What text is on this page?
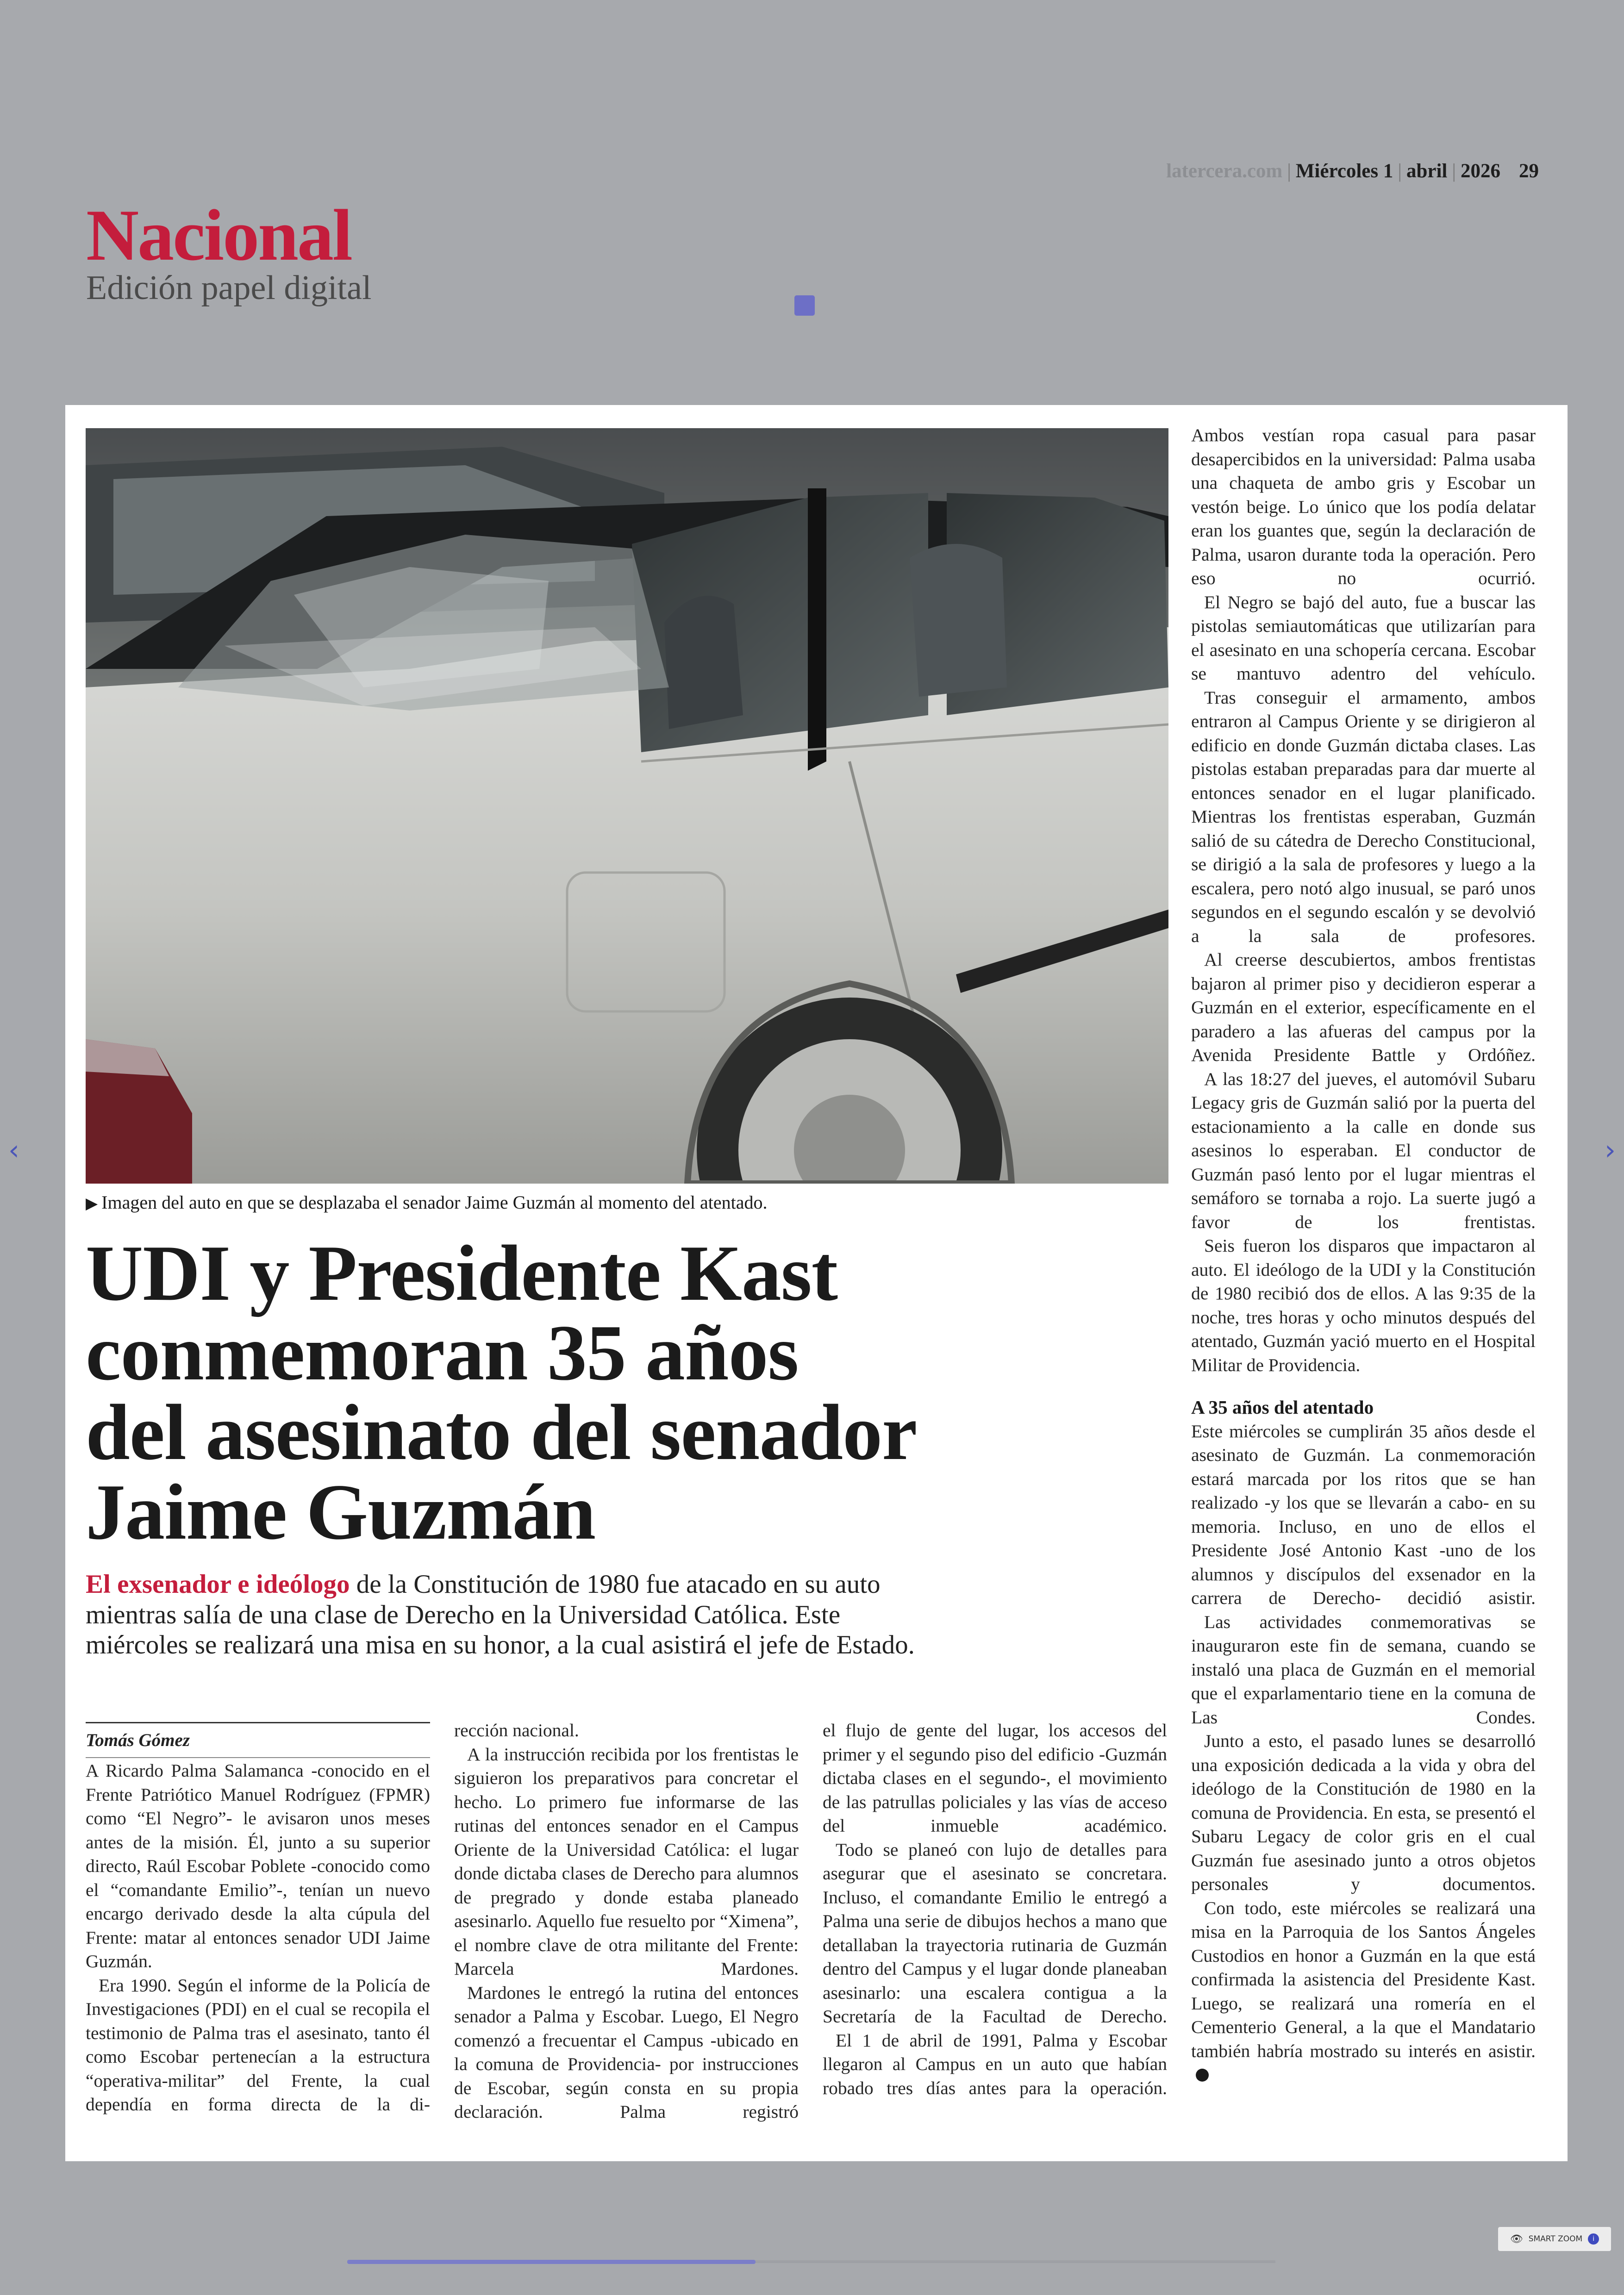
latercera.com | Miércoles 1 | abril | 2026 29
Nacional
Edición papel digital
▶ Imagen del auto en que se desplazaba el senador Jaime Guzmán al momento del atentado.
UDI y Presidente Kast
conmemoran 35 años
del asesinato del senador
Jaime Guzmán
El exsenador e ideólogo de la Constitución de 1980 fue atacado en su auto
mientras salía de una clase de Derecho en la Universidad Católica. Este
miércoles se realizará una misa en su honor, a la cual asistirá el jefe de Estado.
Tomás Gómez

A Ricardo Palma Salamanca -conocido en el Frente Patriótico Manuel Rodríguez (FPMR) como “El Negro”- le avisaron unos meses antes de la misión. Él, junto a su superior directo, Raúl Escobar Poblete -conocido como el “comandante Emilio”-, tenían un nuevo encargo derivado desde la alta cúpula del Frente: matar al entonces senador UDI Jaime Guzmán.

Era 1990. Según el informe de la Policía de Investigaciones (PDI) en el cual se recopila el testimonio de Palma tras el asesinato, tanto él como Escobar pertenecían a la estructura “operativa-militar” del Frente, la cual dependía en forma directa de la di-

rección nacional.

A la instrucción recibida por los frentistas le siguieron los preparativos para concretar el hecho. Lo primero fue informarse de las rutinas del entonces senador en el Campus Oriente de la Universidad Católica: el lugar donde dictaba clases de Derecho para alumnos de pregrado y donde estaba planeado asesinarlo. Aquello fue resuelto por “Ximena”, el nombre clave de otra militante del Frente: Marcela Mardones.

Mardones le entregó la rutina del entonces senador a Palma y Escobar. Luego, El Negro comenzó a frecuentar el Campus -ubicado en la comuna de Providencia- por instrucciones de Escobar, según consta en su propia declaración. Palma registró

el flujo de gente del lugar, los accesos del primer y el segundo piso del edificio -Guzmán dictaba clases en el segundo-, el movimiento de las patrullas policiales y las vías de acceso del inmueble académico.

Todo se planeó con lujo de detalles para asegurar que el asesinato se concretara. Incluso, el comandante Emilio le entregó a Palma una serie de dibujos hechos a mano que detallaban la trayectoria rutinaria de Guzmán dentro del Campus y el lugar donde planeaban asesinarlo: una escalera contigua a la Secretaría de la Facultad de Derecho.

El 1 de abril de 1991, Palma y Escobar llegaron al Campus en un auto que habían robado tres días antes para la operación.

Ambos vestían ropa casual para pasar desapercibidos en la universidad: Palma usaba una chaqueta de ambo gris y Escobar un vestón beige. Lo único que los podía delatar eran los guantes que, según la declaración de Palma, usaron durante toda la operación. Pero eso no ocurrió.

El Negro se bajó del auto, fue a buscar las pistolas semiautomáticas que utilizarían para el asesinato en una schopería cercana. Escobar se mantuvo adentro del vehículo.

Tras conseguir el armamento, ambos entraron al Campus Oriente y se dirigieron al edificio en donde Guzmán dictaba clases. Las pistolas estaban preparadas para dar muerte al entonces senador en el lugar planificado. Mientras los frentistas esperaban, Guzmán salió de su cátedra de Derecho Constitucional, se dirigió a la sala de profesores y luego a la escalera, pero notó algo inusual, se paró unos segundos en el segundo escalón y se devolvió a la sala de profesores.

Al creerse descubiertos, ambos frentistas bajaron al primer piso y decidieron esperar a Guzmán en el exterior, específicamente en el paradero a las afueras del campus por la Avenida Presidente Battle y Ordóñez.

A las 18:27 del jueves, el automóvil Subaru Legacy gris de Guzmán salió por la puerta del estacionamiento a la calle en donde sus asesinos lo esperaban. El conductor de Guzmán pasó lento por el lugar mientras el semáforo se tornaba a rojo. La suerte jugó a favor de los frentistas.

Seis fueron los disparos que impactaron al auto. El ideólogo de la UDI y la Constitución de 1980 recibió dos de ellos. A las 9:35 de la noche, tres horas y ocho minutos después del atentado, Guzmán yació muerto en el Hospital Militar de Providencia.

A 35 años del atentado

Este miércoles se cumplirán 35 años desde el asesinato de Guzmán. La conmemoración estará marcada por los ritos que se han realizado -y los que se llevarán a cabo- en su memoria. Incluso, en uno de ellos el Presidente José Antonio Kast -uno de los alumnos y discípulos del exsenador en la carrera de Derecho- decidió asistir.

Las actividades conmemorativas se inauguraron este fin de semana, cuando se instaló una placa de Guzmán en el memorial que el exparlamentario tiene en la comuna de Las Condes.

Junto a esto, el pasado lunes se desarrolló una exposición dedicada a la vida y obra del ideólogo de la Constitución de 1980 en la comuna de Providencia. En esta, se presentó el Subaru Legacy de color gris en el cual Guzmán fue asesinado junto a otros objetos personales y documentos.

Con todo, este miércoles se realizará una misa en la Parroquia de los Santos Ángeles Custodios en honor a Guzmán en la que está confirmada la asistencia del Presidente Kast. Luego, se realizará una romería en el Cementerio General, a la que el Mandatario también habría mostrado su interés en asistir.

‹	›
👁 SMART ZOOM	i
